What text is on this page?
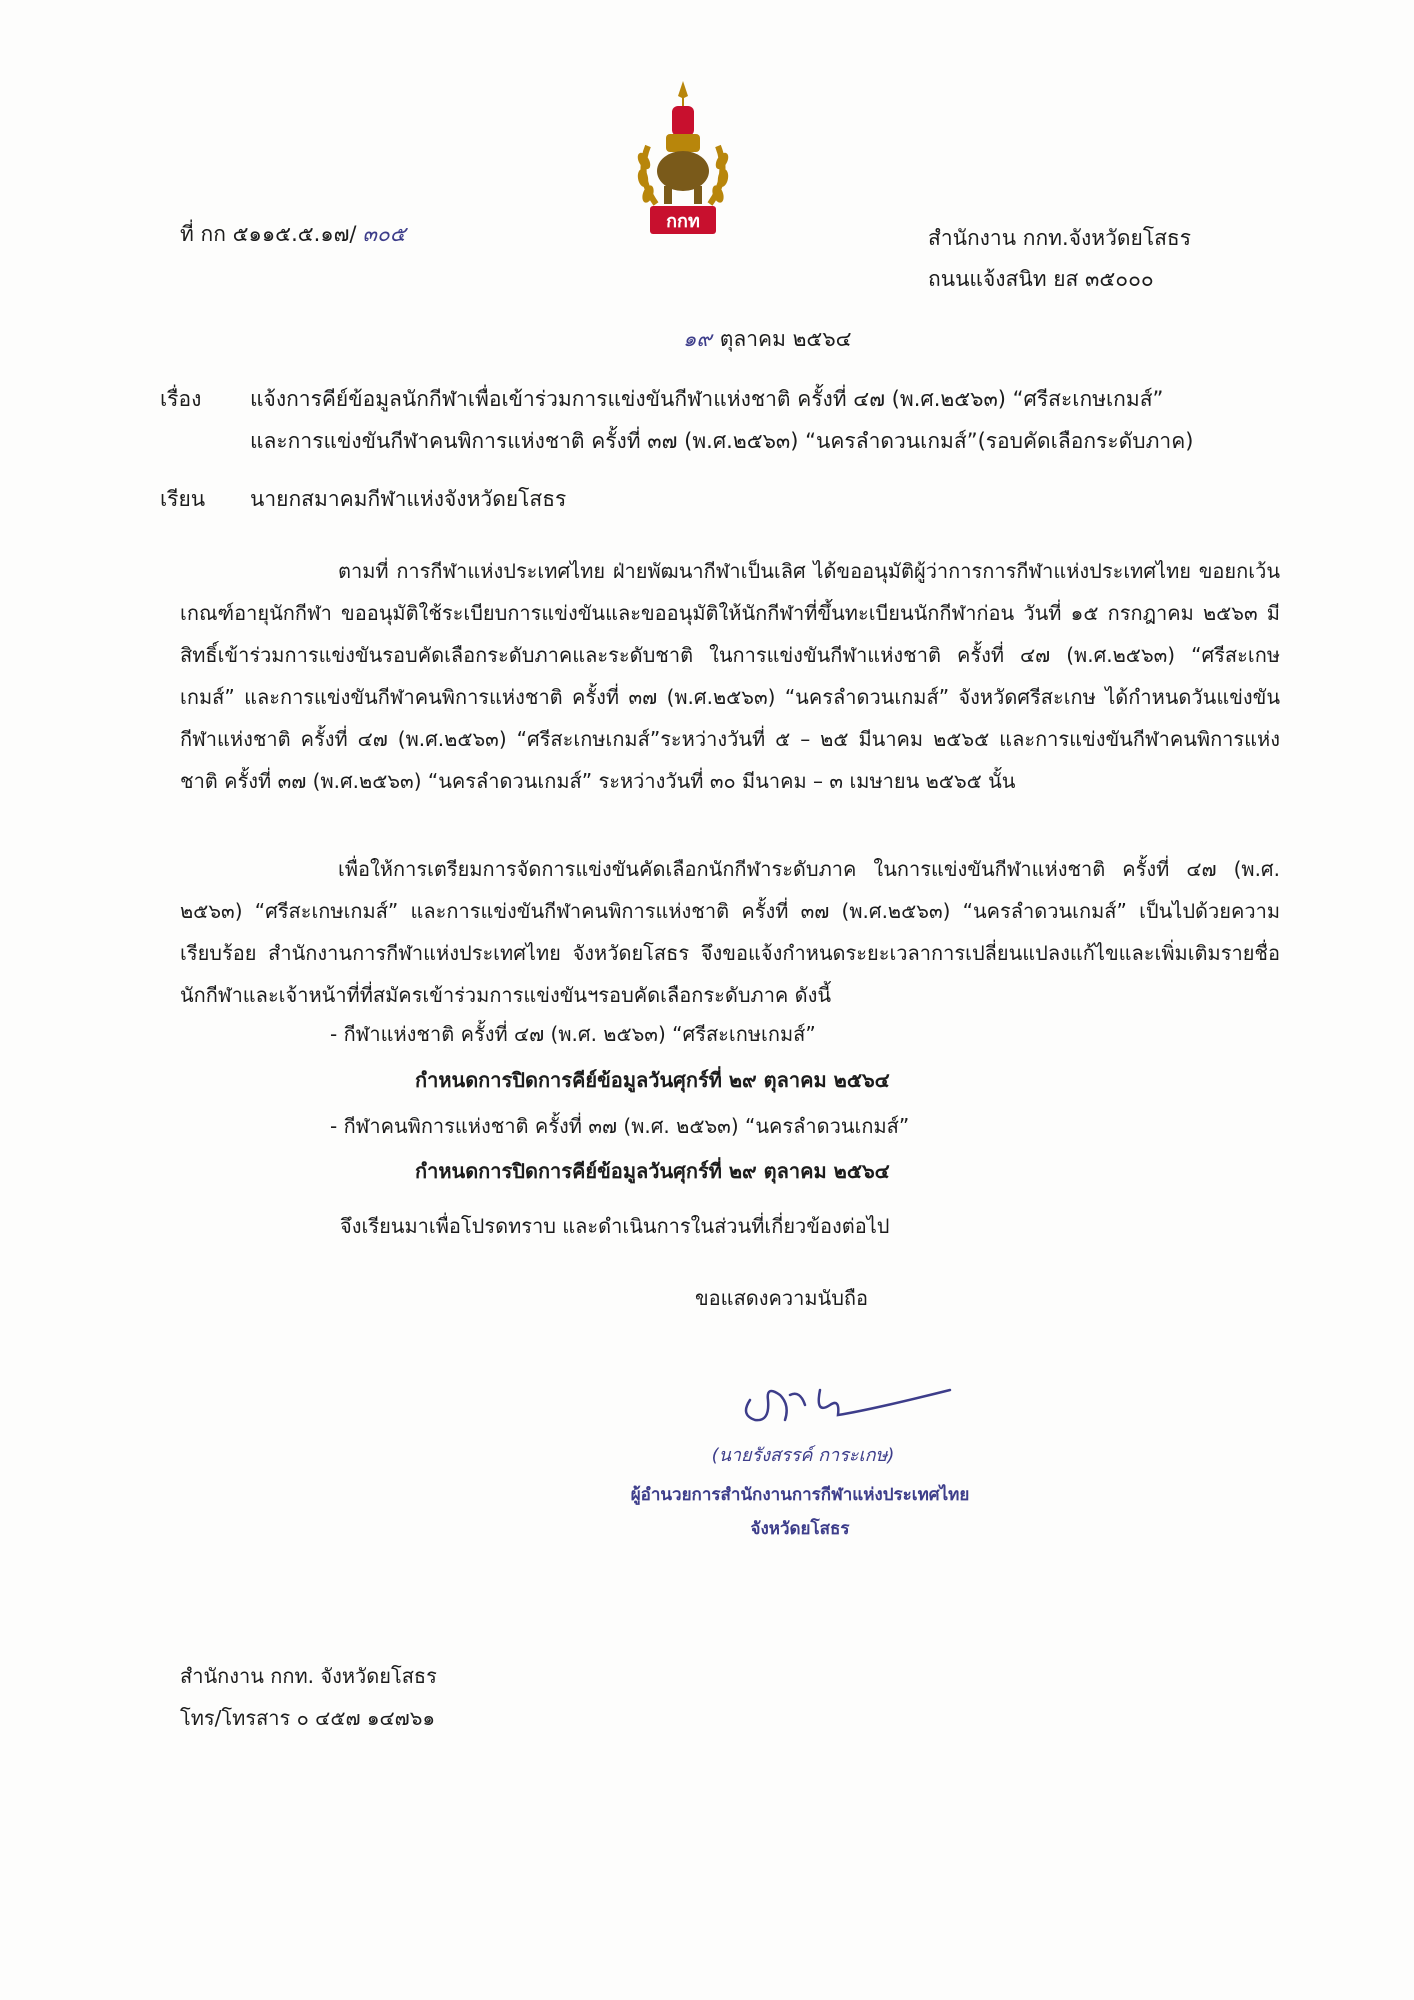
กกท
ที่ กก ๕๑๑๕.๕.๑๗/ ๓๐๕	สำนักงาน กกท.จังหวัดยโสธร
ถนนแจ้งสนิท ยส ๓๕๐๐๐
๑๙ ตุลาคม ๒๕๖๔
เรื่อง แจ้งการคีย์ข้อมูลนักกีฬาเพื่อเข้าร่วมการแข่งขันกีฬาแห่งชาติ ครั้งที่ ๔๗ (พ.ศ.๒๕๖๓) “ศรีสะเกษเกมส์”
และการแข่งขันกีฬาคนพิการแห่งชาติ ครั้งที่ ๓๗ (พ.ศ.๒๕๖๓) “นครลำดวนเกมส์”(รอบคัดเลือกระดับภาค)
เรียน นายกสมาคมกีฬาแห่งจังหวัดยโสธร
ตามที่ การกีฬาแห่งประเทศไทย ฝ่ายพัฒนากีฬาเป็นเลิศ ได้ขออนุมัติผู้ว่าการการกีฬาแห่งประเทศไทย ขอยกเว้นเกณฑ์อายุนักกีฬา ขออนุมัติใช้ระเบียบการแข่งขันและขออนุมัติให้นักกีฬาที่ขึ้นทะเบียนนักกีฬาก่อน วันที่ ๑๕ กรกฎาคม ๒๕๖๓ มีสิทธิ์เข้าร่วมการแข่งขันรอบคัดเลือกระดับภาคและระดับชาติ ในการแข่งขันกีฬาแห่งชาติ ครั้งที่ ๔๗ (พ.ศ.๒๕๖๓) “ศรีสะเกษเกมส์” และการแข่งขันกีฬาคนพิการแห่งชาติ ครั้งที่ ๓๗ (พ.ศ.๒๕๖๓) “นครลำดวนเกมส์” จังหวัดศรีสะเกษ ได้กำหนดวันแข่งขันกีฬาแห่งชาติ ครั้งที่ ๔๗ (พ.ศ.๒๕๖๓) “ศรีสะเกษเกมส์”ระหว่างวันที่ ๕ – ๒๕ มีนาคม ๒๕๖๕ และการแข่งขันกีฬาคนพิการแห่งชาติ ครั้งที่ ๓๗ (พ.ศ.๒๕๖๓) “นครลำดวนเกมส์” ระหว่างวันที่ ๓๐ มีนาคม – ๓ เมษายน ๒๕๖๕ นั้น
เพื่อให้การเตรียมการจัดการแข่งขันคัดเลือกนักกีฬาระดับภาค ในการแข่งขันกีฬาแห่งชาติ ครั้งที่ ๔๗ (พ.ศ. ๒๕๖๓) “ศรีสะเกษเกมส์” และการแข่งขันกีฬาคนพิการแห่งชาติ ครั้งที่ ๓๗ (พ.ศ.๒๕๖๓) “นครลำดวนเกมส์” เป็นไปด้วยความเรียบร้อย สำนักงานการกีฬาแห่งประเทศไทย จังหวัดยโสธร จึงขอแจ้งกำหนดระยะเวลาการเปลี่ยนแปลงแก้ไขและเพิ่มเติมรายชื่อนักกีฬาและเจ้าหน้าที่ที่สมัครเข้าร่วมการแข่งขันฯรอบคัดเลือกระดับภาค ดังนี้
- กีฬาแห่งชาติ ครั้งที่ ๔๗ (พ.ศ. ๒๕๖๓) “ศรีสะเกษเกมส์”
กำหนดการปิดการคีย์ข้อมูลวันศุกร์ที่ ๒๙ ตุลาคม ๒๕๖๔
- กีฬาคนพิการแห่งชาติ ครั้งที่ ๓๗ (พ.ศ. ๒๕๖๓) “นครลำดวนเกมส์”
กำหนดการปิดการคีย์ข้อมูลวันศุกร์ที่ ๒๙ ตุลาคม ๒๕๖๔
จึงเรียนมาเพื่อโปรดทราบ และดำเนินการในส่วนที่เกี่ยวข้องต่อไป
ขอแสดงความนับถือ
(นายรังสรรค์ การะเกษ)
ผู้อำนวยการสำนักงานการกีฬาแห่งประเทศไทย
จังหวัดยโสธร
สำนักงาน กกท. จังหวัดยโสธร
โทร/โทรสาร ๐ ๔๕๗ ๑๔๗๖๑
